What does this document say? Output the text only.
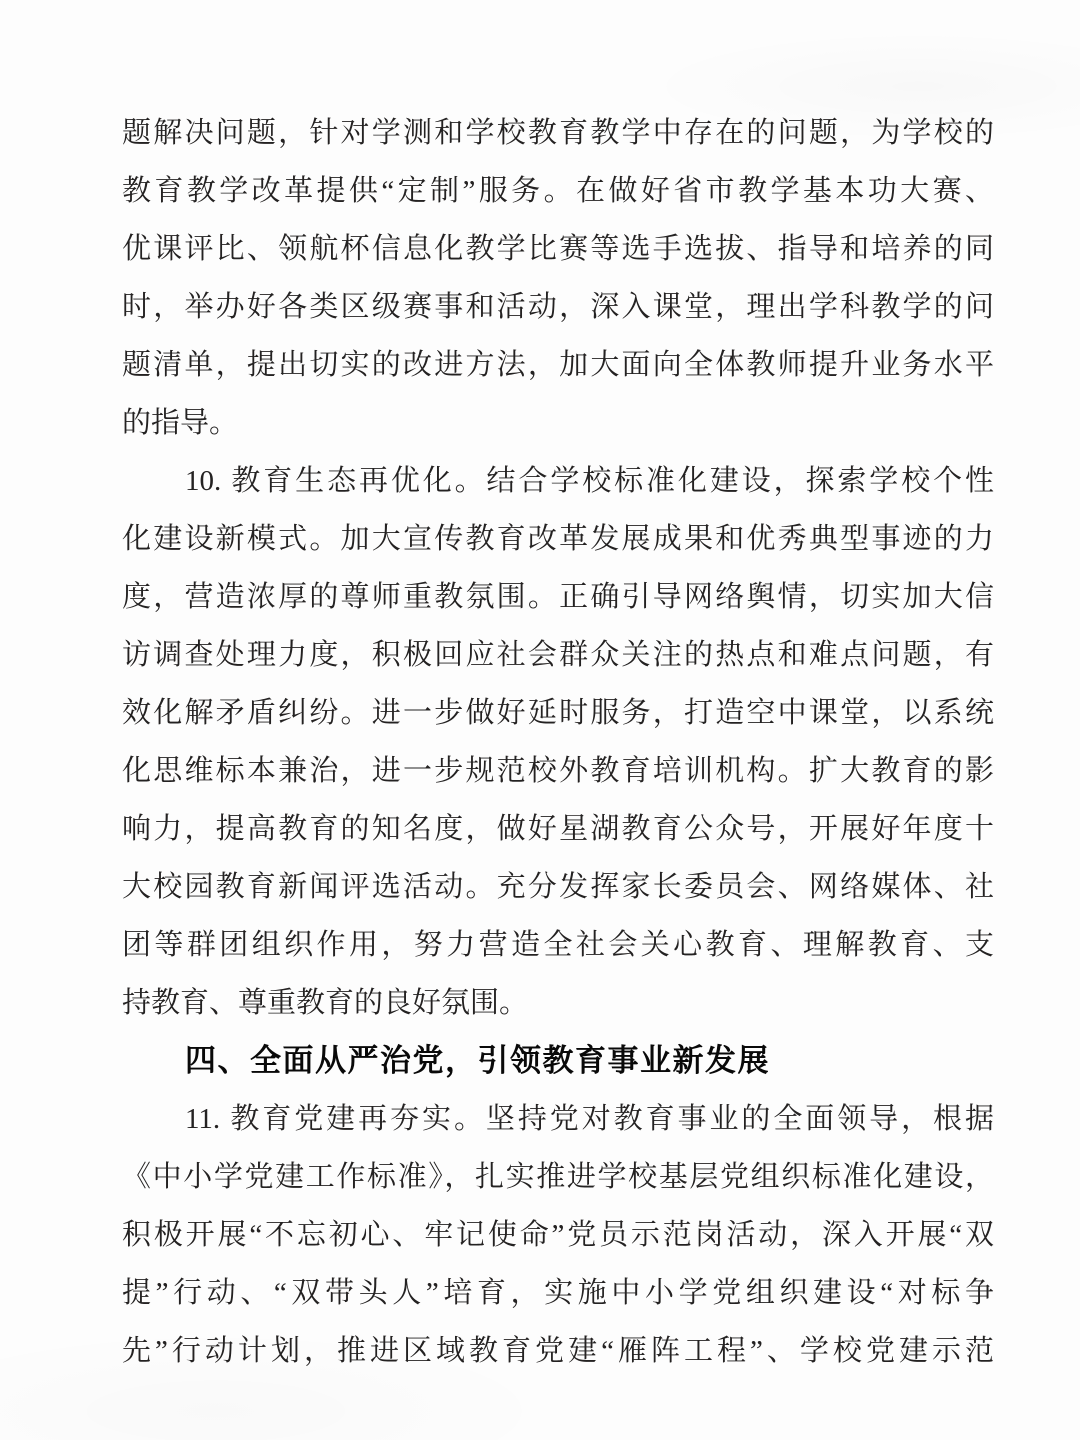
题解决问题，针对学测和学校教育教学中存在的问题，为学校的
教育教学改革提供“定制”服务。在做好省市教学基本功大赛、
优课评比、领航杯信息化教学比赛等选手选拔、指导和培养的同
时，举办好各类区级赛事和活动，深入课堂，理出学科教学的问
题清单，提出切实的改进方法，加大面向全体教师提升业务水平
的指导。
10. 教育生态再优化。结合学校标准化建设，探索学校个性
化建设新模式。加大宣传教育改革发展成果和优秀典型事迹的力
度，营造浓厚的尊师重教氛围。正确引导网络舆情，切实加大信
访调查处理力度，积极回应社会群众关注的热点和难点问题，有
效化解矛盾纠纷。进一步做好延时服务，打造空中课堂，以系统
化思维标本兼治，进一步规范校外教育培训机构。扩大教育的影
响力，提高教育的知名度，做好星湖教育公众号，开展好年度十
大校园教育新闻评选活动。充分发挥家长委员会、网络媒体、社
团等群团组织作用，努力营造全社会关心教育、理解教育、支
持教育、尊重教育的良好氛围。
四、全面从严治党，引领教育事业新发展
11. 教育党建再夯实。坚持党对教育事业的全面领导，根据
《中小学党建工作标准》，扎实推进学校基层党组织标准化建设，
积极开展“不忘初心、牢记使命”党员示范岗活动，深入开展“双
提”行动、“双带头人”培育，实施中小学党组织建设“对标争
先”行动计划，推进区域教育党建“雁阵工程”、学校党建示范
